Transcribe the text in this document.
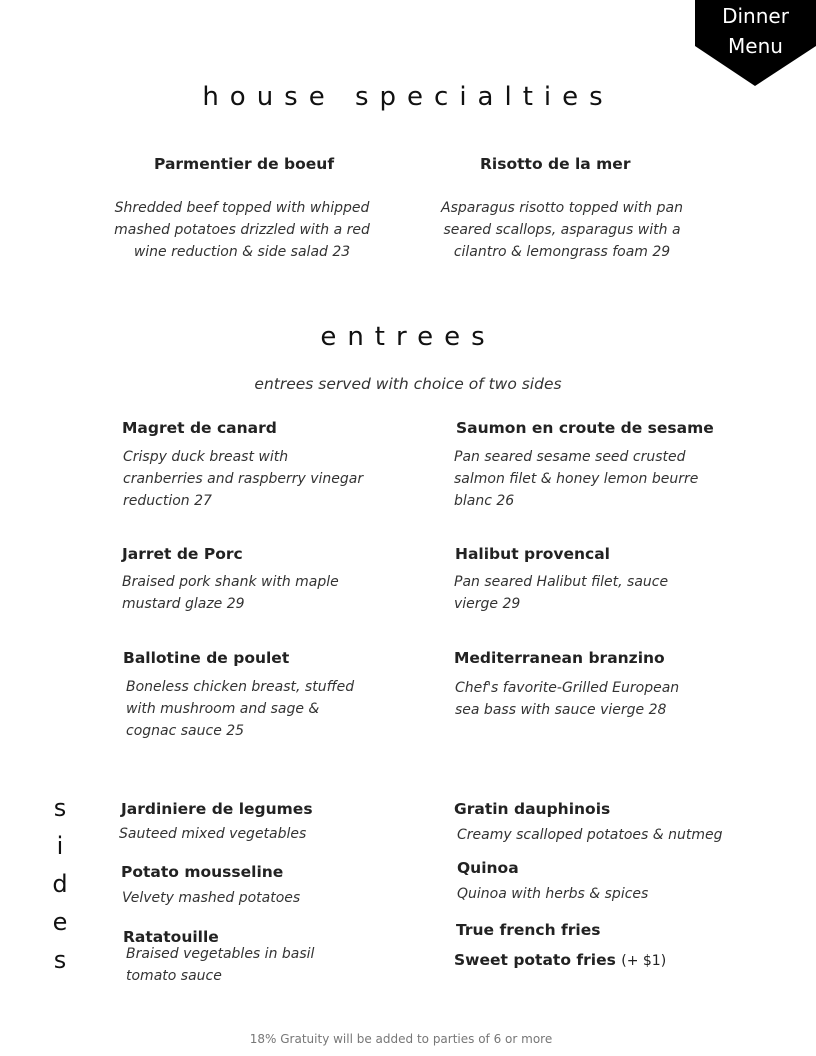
Dinner
Menu
house specialties
Parmentier de boeuf
Shredded beef topped with whipped mashed potatoes drizzled with a red wine reduction & side salad 23
Risotto de la mer
Asparagus risotto topped with pan seared scallops, asparagus with a cilantro & lemongrass foam 29
entrees
entrees served with choice of two sides
Magret de canard
Crispy duck breast with cranberries and raspberry vinegar reduction 27
Saumon en croute de sesame
Pan seared sesame seed crusted salmon filet & honey lemon beurre blanc 26
Jarret de Porc
Braised pork shank with maple mustard glaze 29
Halibut provencal
Pan seared Halibut filet, sauce vierge 29
Ballotine de poulet
Boneless chicken breast, stuffed with mushroom and sage & cognac sauce 25
Mediterranean branzino
Chef's favorite-Grilled European sea bass with sauce vierge 28
s
i
d
e
s
Jardiniere de legumes
Sauteed mixed vegetables
Potato mousseline
Velvety mashed potatoes
Ratatouille
Braised vegetables in basil tomato sauce
Gratin dauphinois
Creamy scalloped potatoes & nutmeg
Quinoa
Quinoa with herbs & spices
True french fries
Sweet potato fries (+ $1)
18% Gratuity will be added to parties of 6 or more
